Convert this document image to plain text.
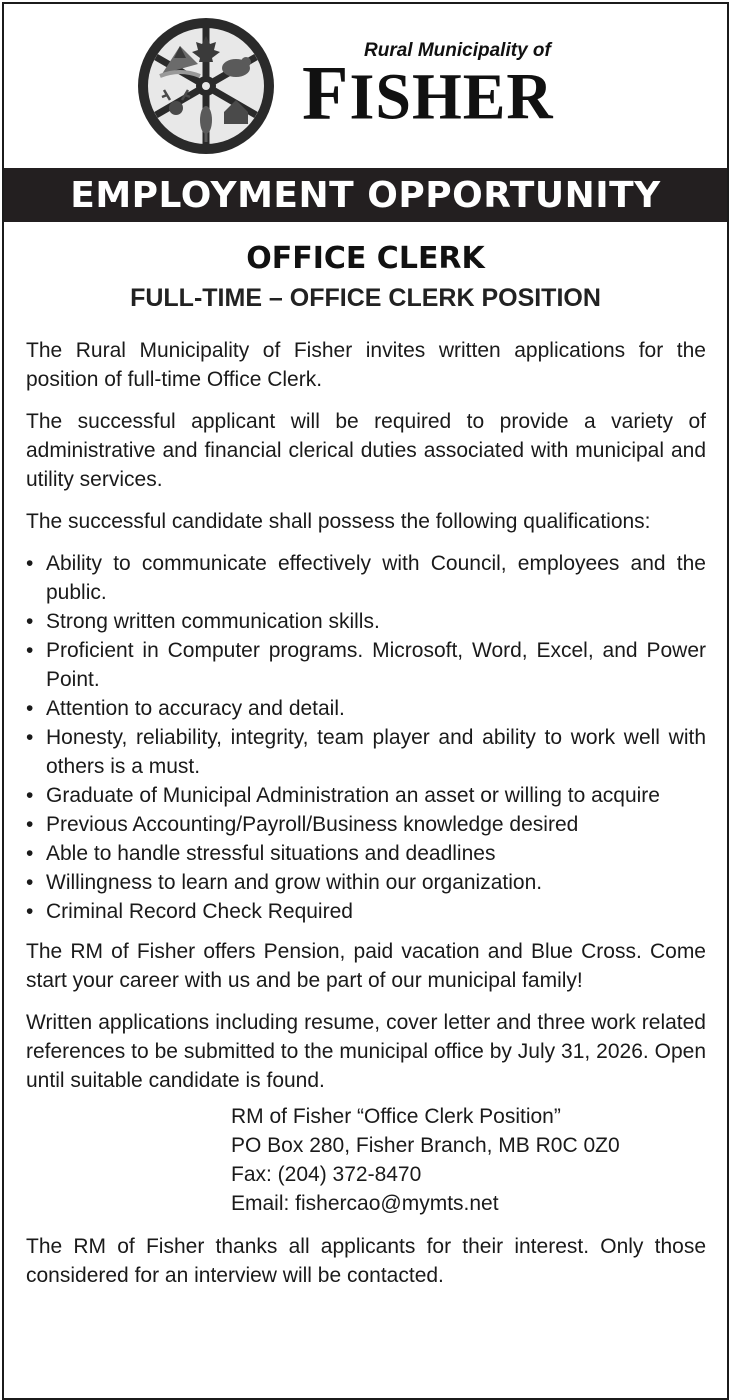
Rural Municipality of
FISHER
EMPLOYMENT OPPORTUNITY
OFFICE CLERK
FULL-TIME – OFFICE CLERK POSITION

The Rural Municipality of Fisher invites written applications for the position of full-time Office Clerk.

The successful applicant will be required to provide a variety of administrative and financial clerical duties associated with municipal and utility services.

The successful candidate shall possess the following qualifications:

• Ability to communicate effectively with Council, employees and the public.
• Strong written communication skills.
• Proficient in Computer programs. Microsoft, Word, Excel, and Power Point.
• Attention to accuracy and detail.
• Honesty, reliability, integrity, team player and ability to work well with others is a must.
• Graduate of Municipal Administration an asset or willing to acquire
• Previous Accounting/Payroll/Business knowledge desired
• Able to handle stressful situations and deadlines
• Willingness to learn and grow within our organization.
• Criminal Record Check Required

The RM of Fisher offers Pension, paid vacation and Blue Cross. Come start your career with us and be part of our municipal family!

Written applications including resume, cover letter and three work related references to be submitted to the municipal office by July 31, 2026. Open until suitable candidate is found.

RM of Fisher “Office Clerk Position”
PO Box 280, Fisher Branch, MB R0C 0Z0
Fax: (204) 372-8470
Email: fishercao@mymts.net

The RM of Fisher thanks all applicants for their interest. Only those considered for an interview will be contacted.
